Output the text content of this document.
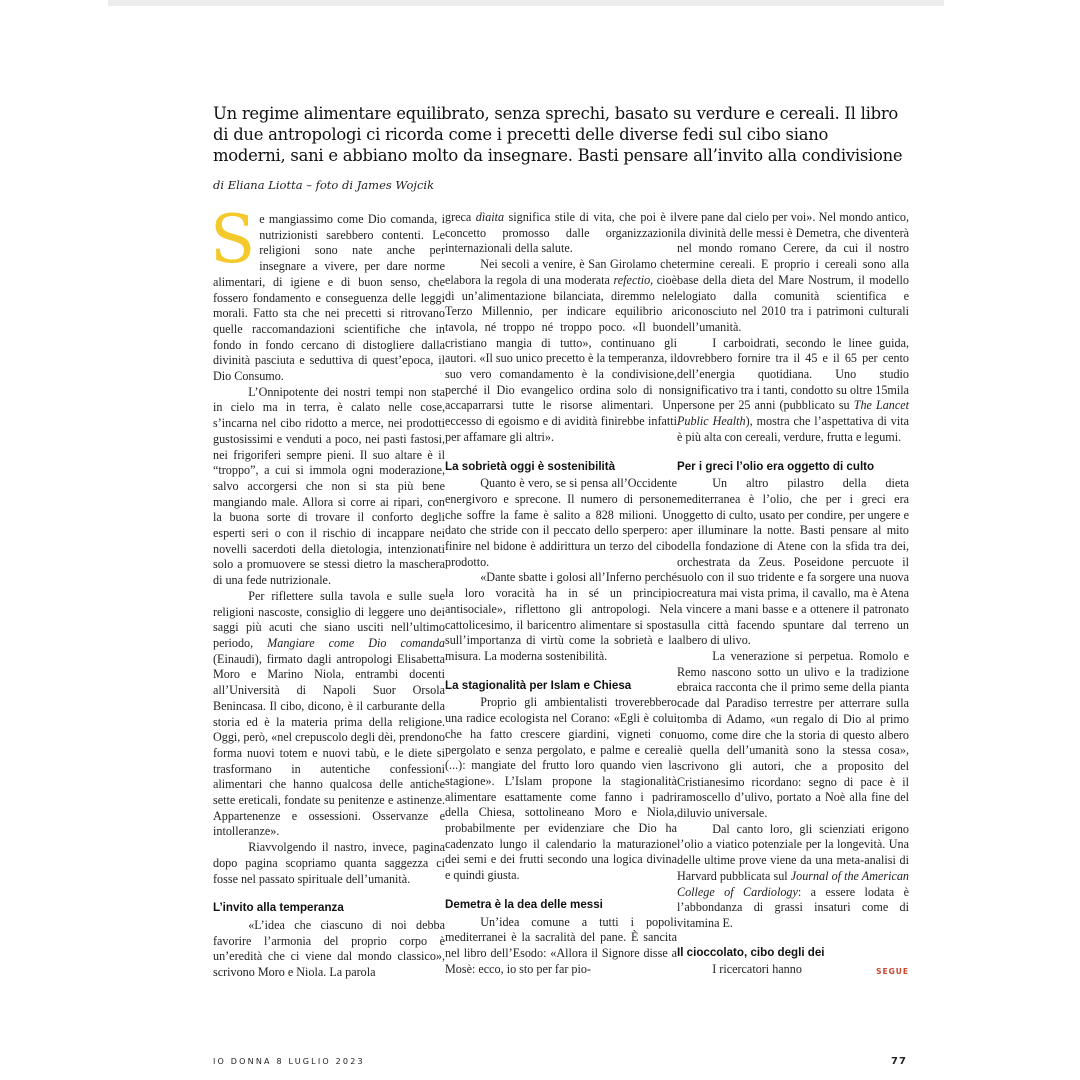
Un regime alimentare equilibrato, senza sprechi, basato su verdure e cereali. Il libro di due antropologi ci ricorda come i precetti delle diverse fedi sul cibo siano moderni, sani e abbiano molto da insegnare. Basti pensare all’invito alla condivisione
di Eliana Liotta – foto di James Wojcik

Se mangiassimo come Dio comanda, i nutrizionisti sarebbero contenti. Le religioni sono nate anche per insegnare a vivere, per dare norme alimentari, di igiene e di buon senso, che fossero fondamento e conseguenza delle leggi morali. Fatto sta che nei precetti si ritrovano quelle raccomandazioni scientifiche che in fondo in fondo cercano di distogliere dalla divinità pasciuta e seduttiva di quest’epoca, il Dio Consumo.

L’Onnipotente dei nostri tempi non sta in cielo ma in terra, è calato nelle cose, s’incarna nel cibo ridotto a merce, nei prodotti gustosissimi e venduti a poco, nei pasti fastosi, nei frigoriferi sempre pieni. Il suo altare è il “troppo”, a cui si immola ogni moderazione, salvo accorgersi che non si sta più bene mangiando male. Allora si corre ai ripari, con la buona sorte di trovare il conforto degli esperti seri o con il rischio di incappare nei novelli sacerdoti della dietologia, intenzionati solo a promuovere se stessi dietro la maschera di una fede nutrizionale.

Per riflettere sulla tavola e sulle sue religioni nascoste, consiglio di leggere uno dei saggi più acuti che siano usciti nell’ultimo periodo, Mangiare come Dio comanda (Einaudi), firmato dagli antropologi Elisabetta Moro e Marino Niola, entrambi docenti all’Università di Napoli Suor Orsola Benincasa. Il cibo, dicono, è il carburante della storia ed è la materia prima della religione. Oggi, però, «nel crepuscolo degli dèi, prendono forma nuovi totem e nuovi tabù, e le diete si trasformano in autentiche confessioni alimentari che hanno qualcosa delle antiche sette ereticali, fondate su penitenze e astinenze. Appartenenze e ossessioni. Osservanze e intolleranze».

Riavvolgendo il nastro, invece, pagina dopo pagina scopriamo quanta saggezza ci fosse nel passato spirituale dell’umanità.

L’invito alla temperanza

«L’idea che ciascuno di noi debba favorire l’armonia del proprio corpo è un’eredità che ci viene dal mondo classico», scrivono Moro e Niola. La parola

greca dìaita significa stile di vita, che poi è il concetto promosso dalle organizzazioni internazionali della salute.

Nei secoli a venire, è San Girolamo che elabora la regola di una moderata refectio, cioè di un’alimentazione bilanciata, diremmo nel Terzo Millennio, per indicare equilibrio a tavola, né troppo né troppo poco. «Il buon cristiano mangia di tutto», continuano gli autori. «Il suo unico precetto è la temperanza, il suo vero comandamento è la condivisione, perché il Dio evangelico ordina solo di non accaparrarsi tutte le risorse alimentari. Un eccesso di egoismo e di avidità finirebbe infatti per affamare gli altri».

La sobrietà oggi è sostenibilità

Quanto è vero, se si pensa all’Occidente energivoro e sprecone. Il numero di persone che soffre la fame è salito a 828 milioni. Un dato che stride con il peccato dello sperpero: a finire nel bidone è addirittura un terzo del cibo prodotto.

«Dante sbatte i golosi all’Inferno perché la loro voracità ha in sé un principio antisociale», riflettono gli antropologi. Nel cattolicesimo, il baricentro alimentare si sposta sull’importanza di virtù come la sobrietà e la misura. La moderna sostenibilità.

La stagionalità per Islam e Chiesa

Proprio gli ambientalisti troverebbero una radice ecologista nel Corano: «Egli è colui che ha fatto crescere giardini, vigneti con pergolato e senza pergolato, e palme e cereali (...): mangiate del frutto loro quando vien la stagione». L’Islam propone la stagionalità alimentare esattamente come fanno i padri della Chiesa, sottolineano Moro e Niola, probabilmente per evidenziare che Dio ha cadenzato lungo il calendario la maturazione dei semi e dei frutti secondo una logica divina e quindi giusta.

Demetra è la dea delle messi

Un’idea comune a tutti i popoli mediterranei è la sacralità del pane. È sancita nel libro dell’Esodo: «Allora il Signore disse a Mosè: ecco, io sto per far pio-

vere pane dal cielo per voi». Nel mondo antico, la divinità delle messi è Demetra, che diventerà nel mondo romano Cerere, da cui il nostro termine cereali. E proprio i cereali sono alla base della dieta del Mare Nostrum, il modello elogiato dalla comunità scientifica e riconosciuto nel 2010 tra i patrimoni culturali dell’umanità.

I carboidrati, secondo le linee guida, dovrebbero fornire tra il 45 e il 65 per cento dell’energia quotidiana. Uno studio significativo tra i tanti, condotto su oltre 15mila persone per 25 anni (pubblicato su The Lancet Public Health), mostra che l’aspettativa di vita è più alta con cereali, verdure, frutta e legumi.

Per i greci l’olio era oggetto di culto

Un altro pilastro della dieta mediterranea è l’olio, che per i greci era oggetto di culto, usato per condire, per ungere e per illuminare la notte. Basti pensare al mito della fondazione di Atene con la sfida tra dei, orchestrata da Zeus. Poseidone percuote il suolo con il suo tridente e fa sorgere una nuova creatura mai vista prima, il cavallo, ma è Atena a vincere a mani basse e a ottenere il patronato sulla città facendo spuntare dal terreno un albero di ulivo.

La venerazione si perpetua. Romolo e Remo nascono sotto un ulivo e la tradizione ebraica racconta che il primo seme della pianta cade dal Paradiso terrestre per atterrare sulla tomba di Adamo, «un regalo di Dio al primo uomo, come dire che la storia di questo albero è quella dell’umanità sono la stessa cosa», scrivono gli autori, che a proposito del Cristianesimo ricordano: segno di pace è il ramoscello d’ulivo, portato a Noè alla fine del diluvio universale.

Dal canto loro, gli scienziati erigono l’olio a viatico potenziale per la longevità. Una delle ultime prove viene da una meta-analisi di Harvard pubblicata sul Journal of the American College of Cardiology: a essere lodata è l’abbondanza di grassi insaturi come di vitamina E.

Il cioccolato, cibo degli dei

I ricercatori hanno	SEGUE

IO DONNA 8 LUGLIO 2023	77
